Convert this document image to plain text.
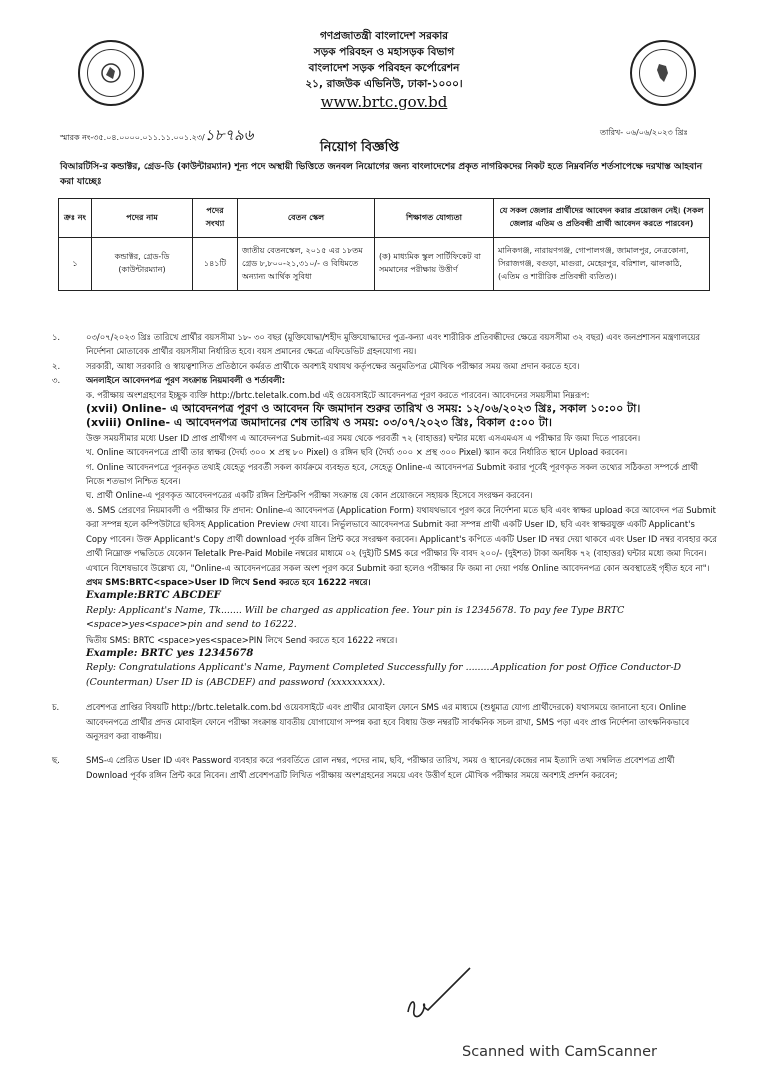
গণপ্রজাতন্ত্রী বাংলাদেশ সরকার
সড়ক পরিবহন ও মহাসড়ক বিভাগ
বাংলাদেশ সড়ক পরিবহন কর্পোরেশন
২১, রাজউক এভিনিউ, ঢাকা-১০০০।
www.brtc.gov.bd
স্মারক নং-৩৫.০৪.০০০০.০১১.১১.০০১.২৩/১৮৭৯৬	তারিখ- ০৬/০৬/২০২৩ খ্রিঃ
নিয়োগ বিজ্ঞপ্তি
বিআরটিসি-র কন্ডাক্টর, গ্রেড-ডি (কাউন্টারম্যান) শূন্য পদে অস্থায়ী ভিত্তিতে জনবল নিয়োগের জন্য বাংলাদেশের প্রকৃত নাগরিকদের নিকট হতে নিম্নবর্নিত শর্তসাপেক্ষে দরখাস্ত আহবান করা যাচ্ছেঃ
ক্রঃ নং	পদের নাম	পদের সংখ্যা	বেতন স্কেল	শিক্ষাগত যোগ্যতা	যে সকল জেলার প্রার্থীদের আবেদন করার প্রয়োজন নেই। (সকল জেলার এতিম ও প্রতিবন্ধী প্রার্থী আবেদন করতে পারবেন)
১	কন্ডাক্টর, গ্রেড-ডি (কাউন্টারম্যান)	১৪১টি	জাতীয় বেতনস্কেল, ২০১৫ এর ১৮তম গ্রেড ৮,৮০০-২১,৩১০/- ও বিধিমতে অন্যান্য আর্থিক সুবিধা	(ক) মাধ্যমিক স্কুল সার্টিফিকেট বা সমমানের পরীক্ষায় উত্তীর্ণ	মানিকগঞ্জ, নারায়ণগঞ্জ, গোপালগঞ্জ, জামালপুর, নেত্রকোনা, সিরাজগঞ্জ, বগুড়া, মাগুরা, মেহেরপুর, বরিশাল, ঝালকাঠি, (এতিম ও শারীরিক প্রতিবন্ধী ব্যতিত)।
১.	০৩/০৭/২০২৩ খ্রিঃ তারিখে প্রার্থীর বয়সসীমা ১৮- ৩০ বছর (মুক্তিযোদ্ধা/শহীদ মুক্তিযোদ্ধাদের পুত্র-কন্যা এবং শারীরিক প্রতিবন্ধীদের ক্ষেত্রে বয়সসীমা ৩২ বছর) এবং জনপ্রশাসন মন্ত্রণালয়ের নির্দেশনা মোতাবেক প্রার্থীর বয়সসীমা নির্ধারিত হবে। বয়স প্রমানের ক্ষেত্রে এফিডেভিট গ্রহনযোগ্য নয়।
২.	সরকারী, আধা সরকারি ও স্বায়ত্বশাসিত প্রতিষ্ঠানে কর্মরত প্রার্থীকে অবশ্যই যথাযথ কর্তৃপক্ষের অনুমতিপত্র মৌখিক পরীক্ষার সময় জমা প্রদান করতে হবে।
৩.	অনলাইনে আবেদনপত্র পূরণ সংক্রান্ত নিয়মাবলী ও শর্তাবলী:
ক. পরীক্ষায় অংশগ্রহণের ইচ্ছুক ব্যক্তি http://brtc.teletalk.com.bd এই ওয়েবসাইটে আবেদনপত্র পূরণ করতে পারবেন। আবেদনের সময়সীমা নিম্নরূপ:
(xvii) Online- এ আবেদনপত্র পূরণ ও আবেদন ফি জমাদান শুরুর তারিখ ও সময়: ১২/০৬/২০২৩ খ্রিঃ, সকাল ১০:০০ টা।
(xviii) Online- এ আবেদনপত্র জমাদানের শেষ তারিখ ও সময়: ০৩/০৭/২০২৩ খ্রিঃ, বিকাল ৫:০০ টা।
উক্ত সময়সীমার মধ্যে User ID প্রাপ্ত প্রার্থীগণ এ আবেদনপত্র Submit-এর সময় থেকে পরবর্তী ৭২ (বাহাত্তর) ঘন্টার মধ্যে এসএমএস এ পরীক্ষার ফি জমা দিতে পারবেন।
খ. Online আবেদনপত্রে প্রার্থী তার স্বাক্ষর (দৈর্ঘ্য ৩০০ × প্রস্থ ৮০ Pixel) ও রঙ্গিন ছবি (দৈর্ঘ্য ৩০০ × প্রস্থ ৩০০ Pixel) স্ক্যান করে নির্ধারিত স্থানে Upload করবেন।
গ. Online আবেদনপত্রে পূরনকৃত তথ্যই যেহেতু পরবর্তী সকল কার্যক্রমে ব্যবহৃত হবে, সেহেতু Online-এ আবেদনপত্র Submit করার পূর্বেই পূরণকৃত সকল তথ্যের সঠিকতা সম্পর্কে প্রার্থী নিজে শতভাগ নিশ্চিত হবেন।
ঘ. প্রার্থী Online-এ পূরণকৃত আবেদনপত্রের একটি রঙ্গিন প্রিন্টকপি পরীক্ষা সংক্রান্ত যে কোন প্রয়োজনে সহায়ক হিসেবে সংরক্ষন করবেন।
ঙ. SMS প্রেরণের নিয়মাবলী ও পরীক্ষার ফি প্রদান: Online-এ আবেদনপত্র (Application Form) যথাযথভাবে পূরণ করে নির্দেশনা মতে ছবি এবং স্বাক্ষর upload করে আবেদন পত্র Submit করা সম্পন্ন হলে কম্পিউটারে ছবিসহ Application Preview দেখা যাবে। নির্ভুলভাবে আবেদনপত্র Submit করা সম্পন্ন প্রার্থী একটি User ID, ছবি এবং স্বাক্ষরযুক্ত একটি Applicant's Copy পাবেন। উক্ত Applicant's Copy প্রার্থী download পূর্বক রঙ্গিন প্রিন্ট করে সংরক্ষণ করবেন। Applicant's কপিতে একটি User ID নম্বর দেয়া থাকবে এবং User ID নম্বর ব্যবহার করে প্রার্থী নিম্নোক্ত পদ্ধতিতে যেকোন Teletalk Pre-Paid Mobile নম্বরের মাধ্যমে ০২ (দুই)টি SMS করে পরীক্ষার ফি বাবদ ২০০/- (দুইশত) টাকা অনধিক ৭২ (বাহাত্তর) ঘন্টার মধ্যে জমা দিবেন। এখানে বিশেষভাবে উল্লেখ্য যে, "Online-এ আবেদনপত্রের সকল অংশ পূরণ করে Submit করা হলেও পরীক্ষার ফি জমা না দেয়া পর্যন্ত Online আবেদনপত্র কোন অবস্থাতেই গৃহীত হবে না"।
প্রথম SMS:BRTC<space>User ID লিখে Send করতে হবে 16222 নম্বরে।
Example:BRTC ABCDEF
Reply: Applicant's Name, Tk....... Will be charged as application fee. Your pin is 12345678. To pay fee Type BRTC <space>yes<space>pin and send to 16222.
দ্বিতীয় SMS: BRTC <space>yes<space>PIN লিখে Send করতে হবে 16222 নম্বরে।
Example: BRTC yes 12345678
Reply: Congratulations Applicant's Name, Payment Completed Successfully for .........Application for post Office Conductor-D (Counterman) User ID is (ABCDEF) and password (xxxxxxxxx).
চ.	প্রবেশপত্র প্রাপ্তির বিষয়টি http://brtc.teletalk.com.bd ওয়েবসাইটে এবং প্রার্থীর মোবাইল ফোনে SMS এর মাধ্যমে (শুধুমাত্র যোগ্য প্রার্থীদেরকে) যথাসময়ে জানানো হবে। Online আবেদনপত্রে প্রার্থীর প্রদত্ত মোবাইল ফোনে পরীক্ষা সংক্রান্ত যাবতীয় যোগাযোগ সম্পন্ন করা হবে বিধায় উক্ত নম্বরটি সার্বক্ষনিক সচল রাখা, SMS পড়া এবং প্রাপ্ত নির্দেশনা তাৎক্ষনিকভাবে অনুসরণ করা বাঞ্চনীয়।
ছ.	SMS-এ প্রেরিত User ID এবং Password ব্যবহার করে পরবর্তিতে রোল নম্বর, পদের নাম, ছবি, পরীক্ষার তারিখ, সময় ও স্থানের/কেন্দ্রের নাম ইত্যাদি তথ্য সম্বলিত প্রবেশপত্র প্রার্থী Download পূর্বক রঙ্গিন প্রিন্ট করে নিবেন। প্রার্থী প্রবেশপত্রটি লিখিত পরীক্ষায় অংশগ্রহনের সময়ে এবং উত্তীর্ণ হলে মৌখিক পরীক্ষার সময়ে অবশ্যই প্রদর্শন করবেন;
Scanned with CamScanner
